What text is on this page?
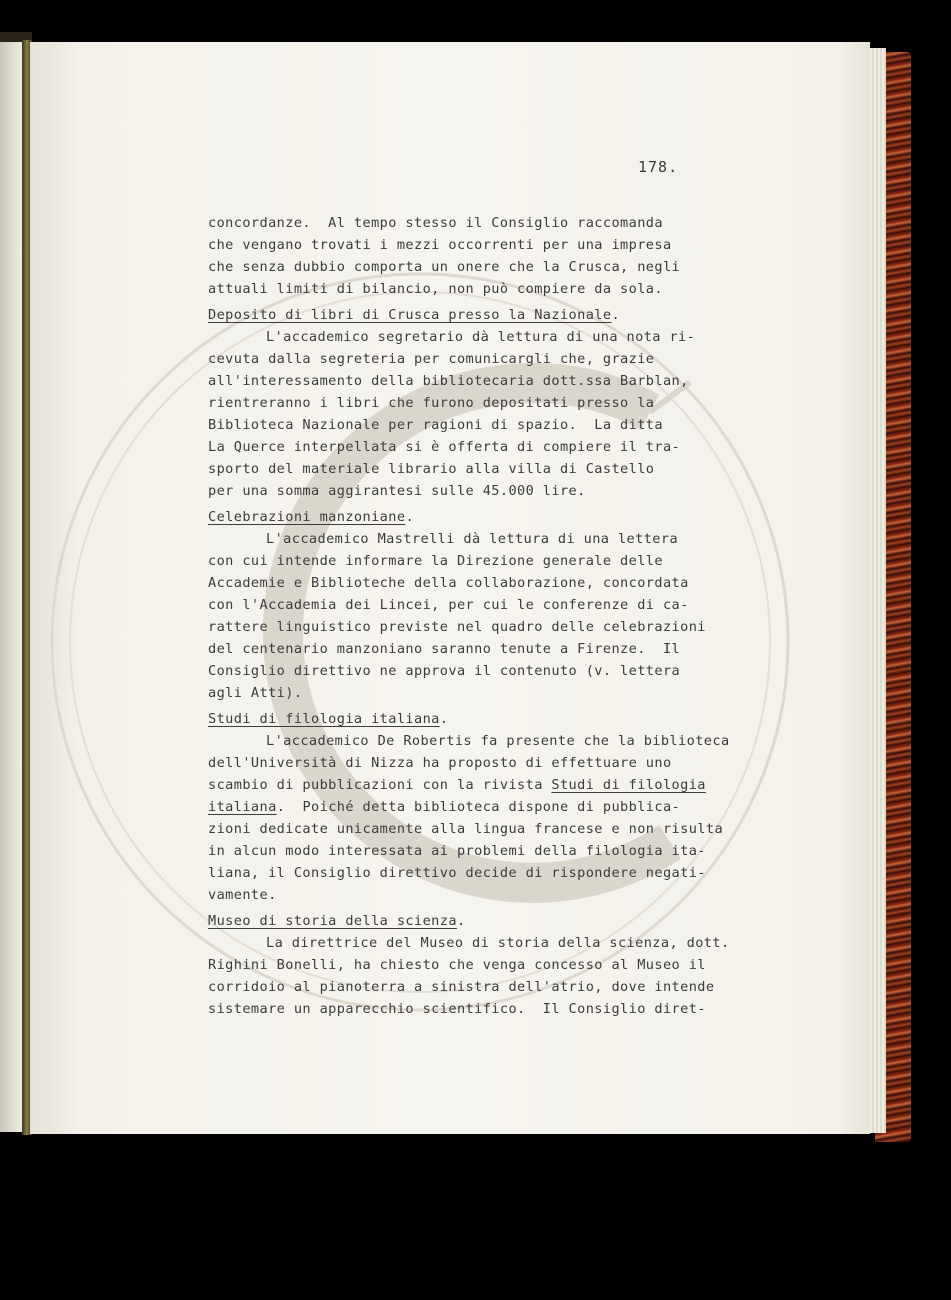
178.
concordanze.  Al tempo stesso il Consiglio raccomanda
che vengano trovati i mezzi occorrenti per una impresa
che senza dubbio comporta un onere che la Crusca, negli
attuali limiti di bilancio, non può compiere da sola.
Deposito di libri di Crusca presso la Nazionale.
L'accademico segretario dà lettura di una nota ri-
cevuta dalla segreteria per comunicargli che, grazie
all'interessamento della bibliotecaria dott.ssa Barblan,
rientreranno i libri che furono depositati presso la
Biblioteca Nazionale per ragioni di spazio.  La ditta
La Querce interpellata si è offerta di compiere il tra-
sporto del materiale librario alla villa di Castello
per una somma aggirantesi sulle 45.000 lire.
Celebrazioni manzoniane.
L'accademico Mastrelli dà lettura di una lettera
con cui intende informare la Direzione generale delle
Accademie e Biblioteche della collaborazione, concordata
con l'Accademia dei Lincei, per cui le conferenze di ca-
rattere linguistico previste nel quadro delle celebrazioni
del centenario manzoniano saranno tenute a Firenze.  Il
Consiglio direttivo ne approva il contenuto (v. lettera
agli Atti).
Studi di filologia italiana.
L'accademico De Robertis fa presente che la biblioteca
dell'Università di Nizza ha proposto di effettuare uno
scambio di pubblicazioni con la rivista Studi di filologia
italiana.  Poiché detta biblioteca dispone di pubblica-
zioni dedicate unicamente alla lingua francese e non risulta
in alcun modo interessata ai problemi della filologia ita-
liana, il Consiglio direttivo decide di rispondere negati-
vamente.
Museo di storia della scienza.
La direttrice del Museo di storia della scienza, dott.
Righini Bonelli, ha chiesto che venga concesso al Museo il
corridoio al pianoterra a sinistra dell'atrio, dove intende
sistemare un apparecchio scientifico.  Il Consiglio diret-
